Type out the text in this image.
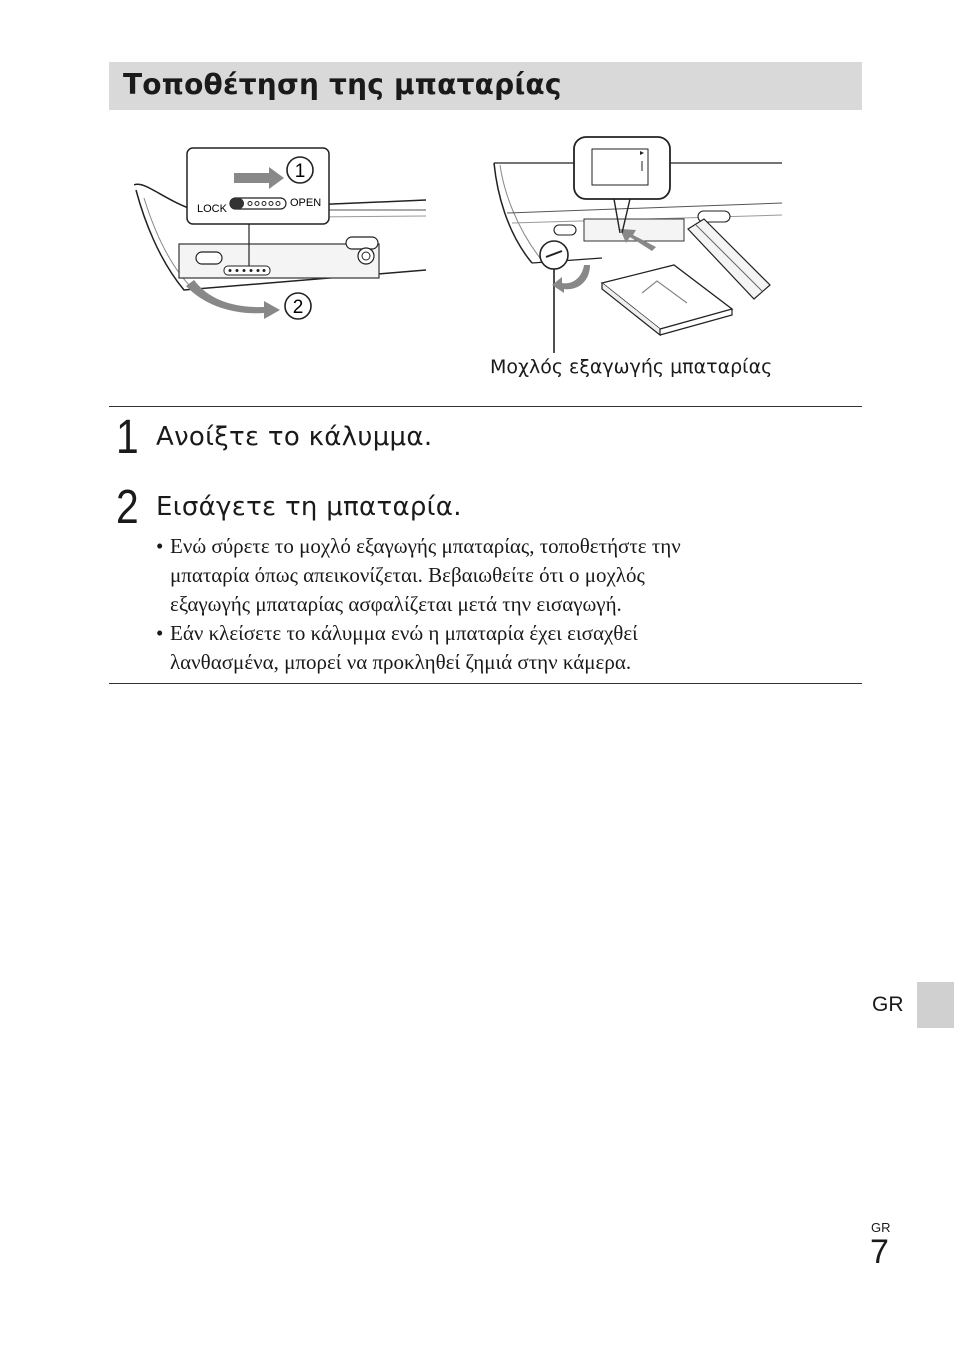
Τοποθέτηση της μπαταρίας
1
LOCK	OPEN
2
Μοχλός εξαγωγής μπαταρίας
1 Ανοίξτε το κάλυμμα.
2 Εισάγετε τη μπαταρία.
• Ενώ σύρετε το μοχλό εξαγωγής μπαταρίας, τοποθετήστε την
μπαταρία όπως απεικονίζεται. Βεβαιωθείτε ότι ο μοχλός
εξαγωγής μπαταρίας ασφαλίζεται μετά την εισαγωγή.
• Εάν κλείσετε το κάλυμμα ενώ η μπαταρία έχει εισαχθεί
λανθασμένα, μπορεί να προκληθεί ζημιά στην κάμερα.
GR
GR
7
